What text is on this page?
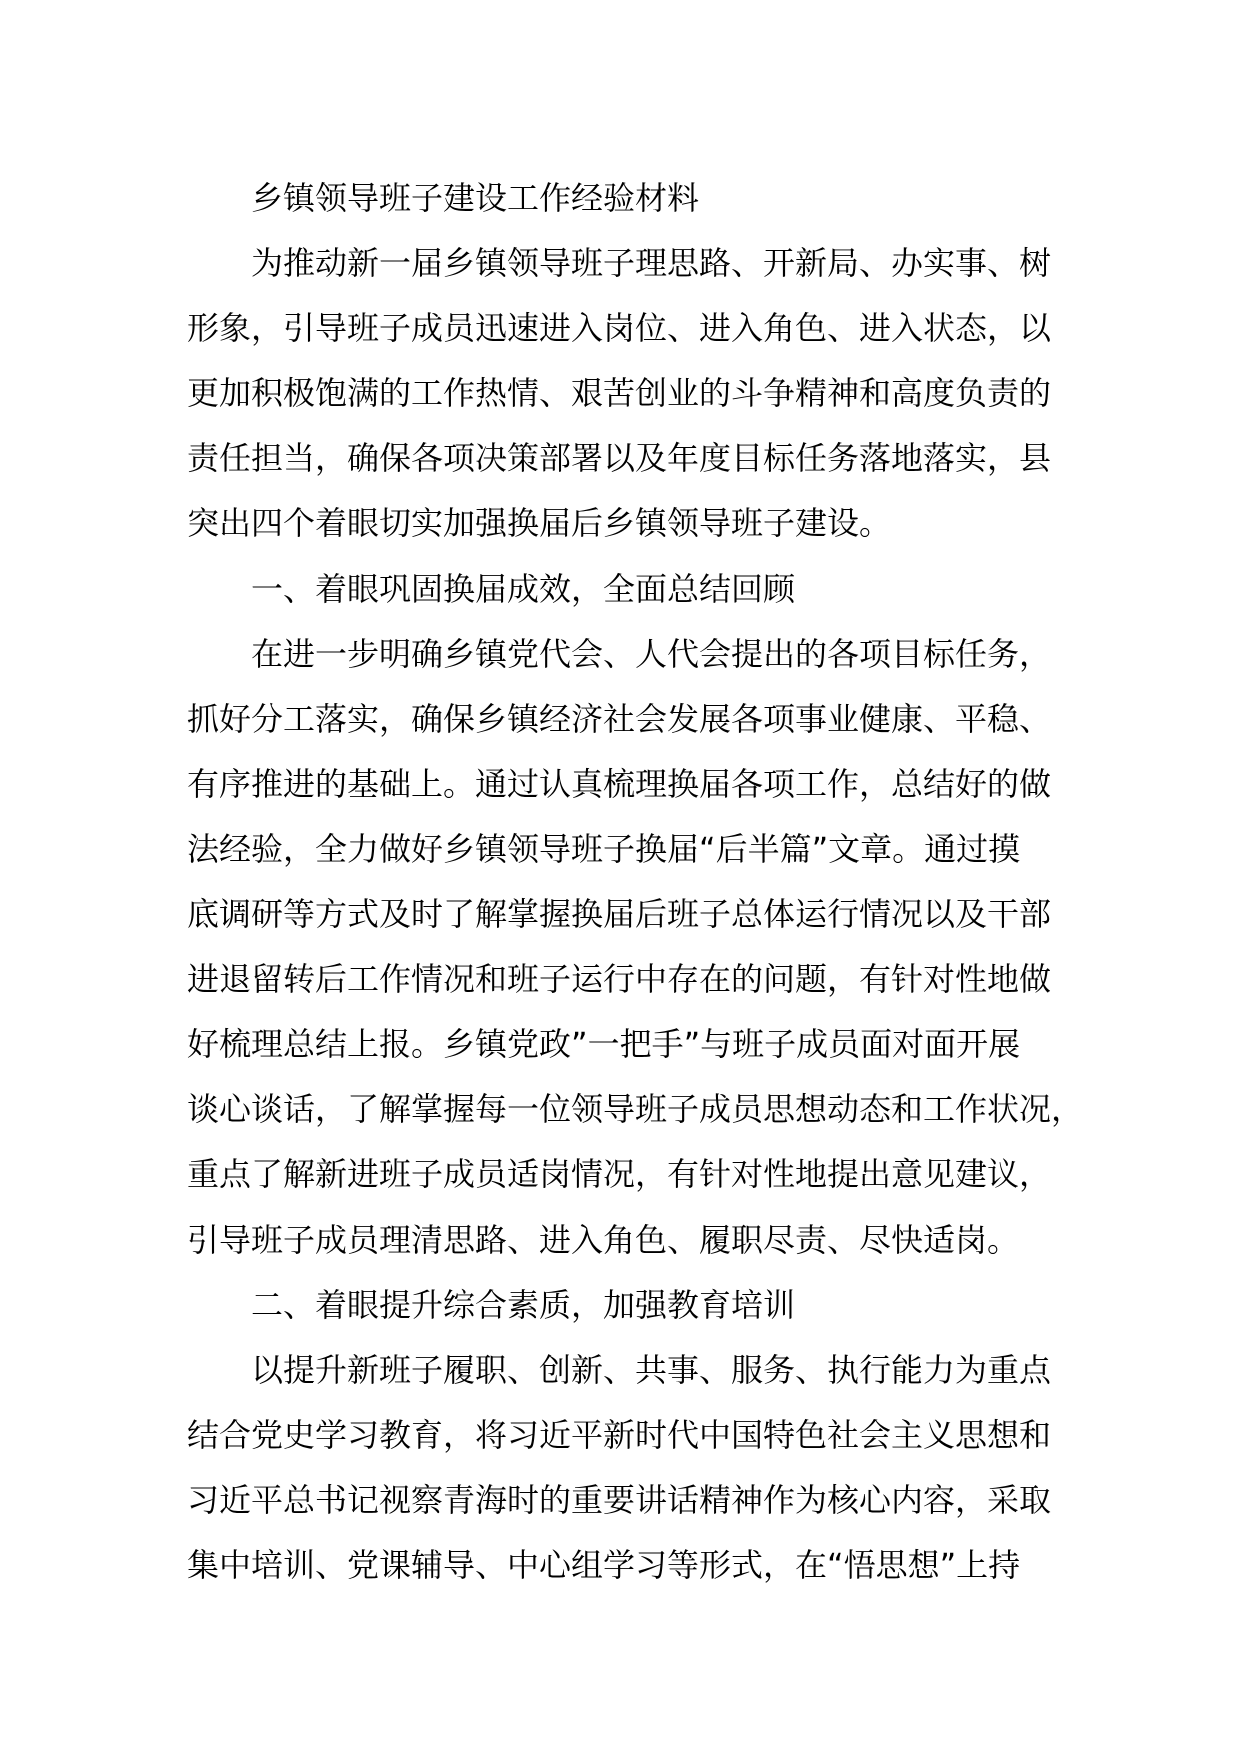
乡镇领导班子建设工作经验材料
为推动新一届乡镇领导班子理思路、开新局、办实事、树
形象，引导班子成员迅速进入岗位、进入角色、进入状态，以
更加积极饱满的工作热情、艰苦创业的斗争精神和高度负责的
责任担当，确保各项决策部署以及年度目标任务落地落实，县
突出四个着眼切实加强换届后乡镇领导班子建设。
一、着眼巩固换届成效，全面总结回顾
在进一步明确乡镇党代会、人代会提出的各项目标任务，
抓好分工落实，确保乡镇经济社会发展各项事业健康、平稳、
有序推进的基础上。通过认真梳理换届各项工作，总结好的做
法经验，全力做好乡镇领导班子换届“后半篇”文章。通过摸
底调研等方式及时了解掌握换届后班子总体运行情况以及干部
进退留转后工作情况和班子运行中存在的问题，有针对性地做
好梳理总结上报。乡镇党政”一把手”与班子成员面对面开展
谈心谈话，了解掌握每一位领导班子成员思想动态和工作状况，
重点了解新进班子成员适岗情况，有针对性地提出意见建议，
引导班子成员理清思路、进入角色、履职尽责、尽快适岗。
二、着眼提升综合素质，加强教育培训
以提升新班子履职、创新、共事、服务、执行能力为重点
结合党史学习教育，将习近平新时代中国特色社会主义思想和
习近平总书记视察青海时的重要讲话精神作为核心内容，采取
集中培训、党课辅导、中心组学习等形式，在“悟思想”上持
